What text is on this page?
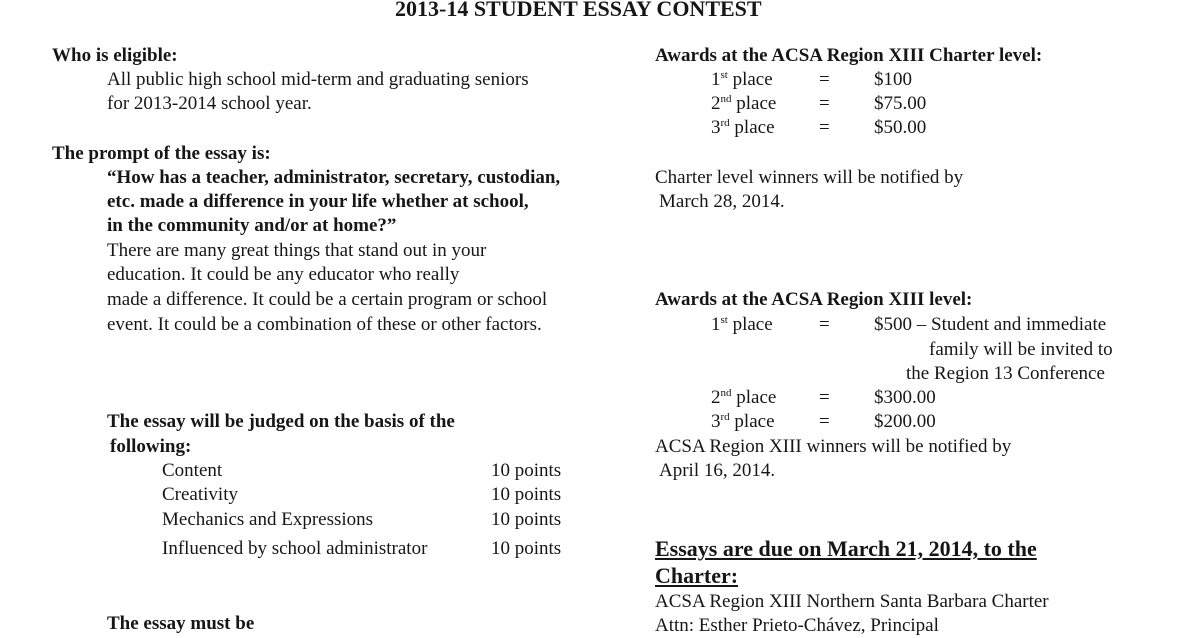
2013-14 STUDENT ESSAY CONTEST
Who is eligible:
All public high school mid-term and graduating seniors
for 2013-2014 school year.
The prompt of the essay is:
“How has a teacher, administrator, secretary, custodian,
etc. made a difference in your life whether at school,
in the community and/or at home?”
There are many great things that stand out in your
education. It could be any educator who really
made a difference. It could be a certain program or school
event. It could be a combination of these or other factors.
The essay will be judged on the basis of the
following:
Content	10 points
Creativity	10 points
Mechanics and Expressions	10 points
Influenced by school administrator	10 points
The essay must be
Awards at the ACSA Region XIII Charter level:
1st place = $100
2nd place = $75.00
3rd place = $50.00
Charter level winners will be notified by
March 28, 2014.
Awards at the ACSA Region XIII level:
1st place = $500 – Student and immediate
family will be invited to
the Region 13 Conference
2nd place = $300.00
3rd place = $200.00
ACSA Region XIII winners will be notified by
April 16, 2014.
Essays are due on March 21, 2014, to the
Charter:
ACSA Region XIII Northern Santa Barbara Charter
Attn: Esther Prieto-Chávez, Principal
